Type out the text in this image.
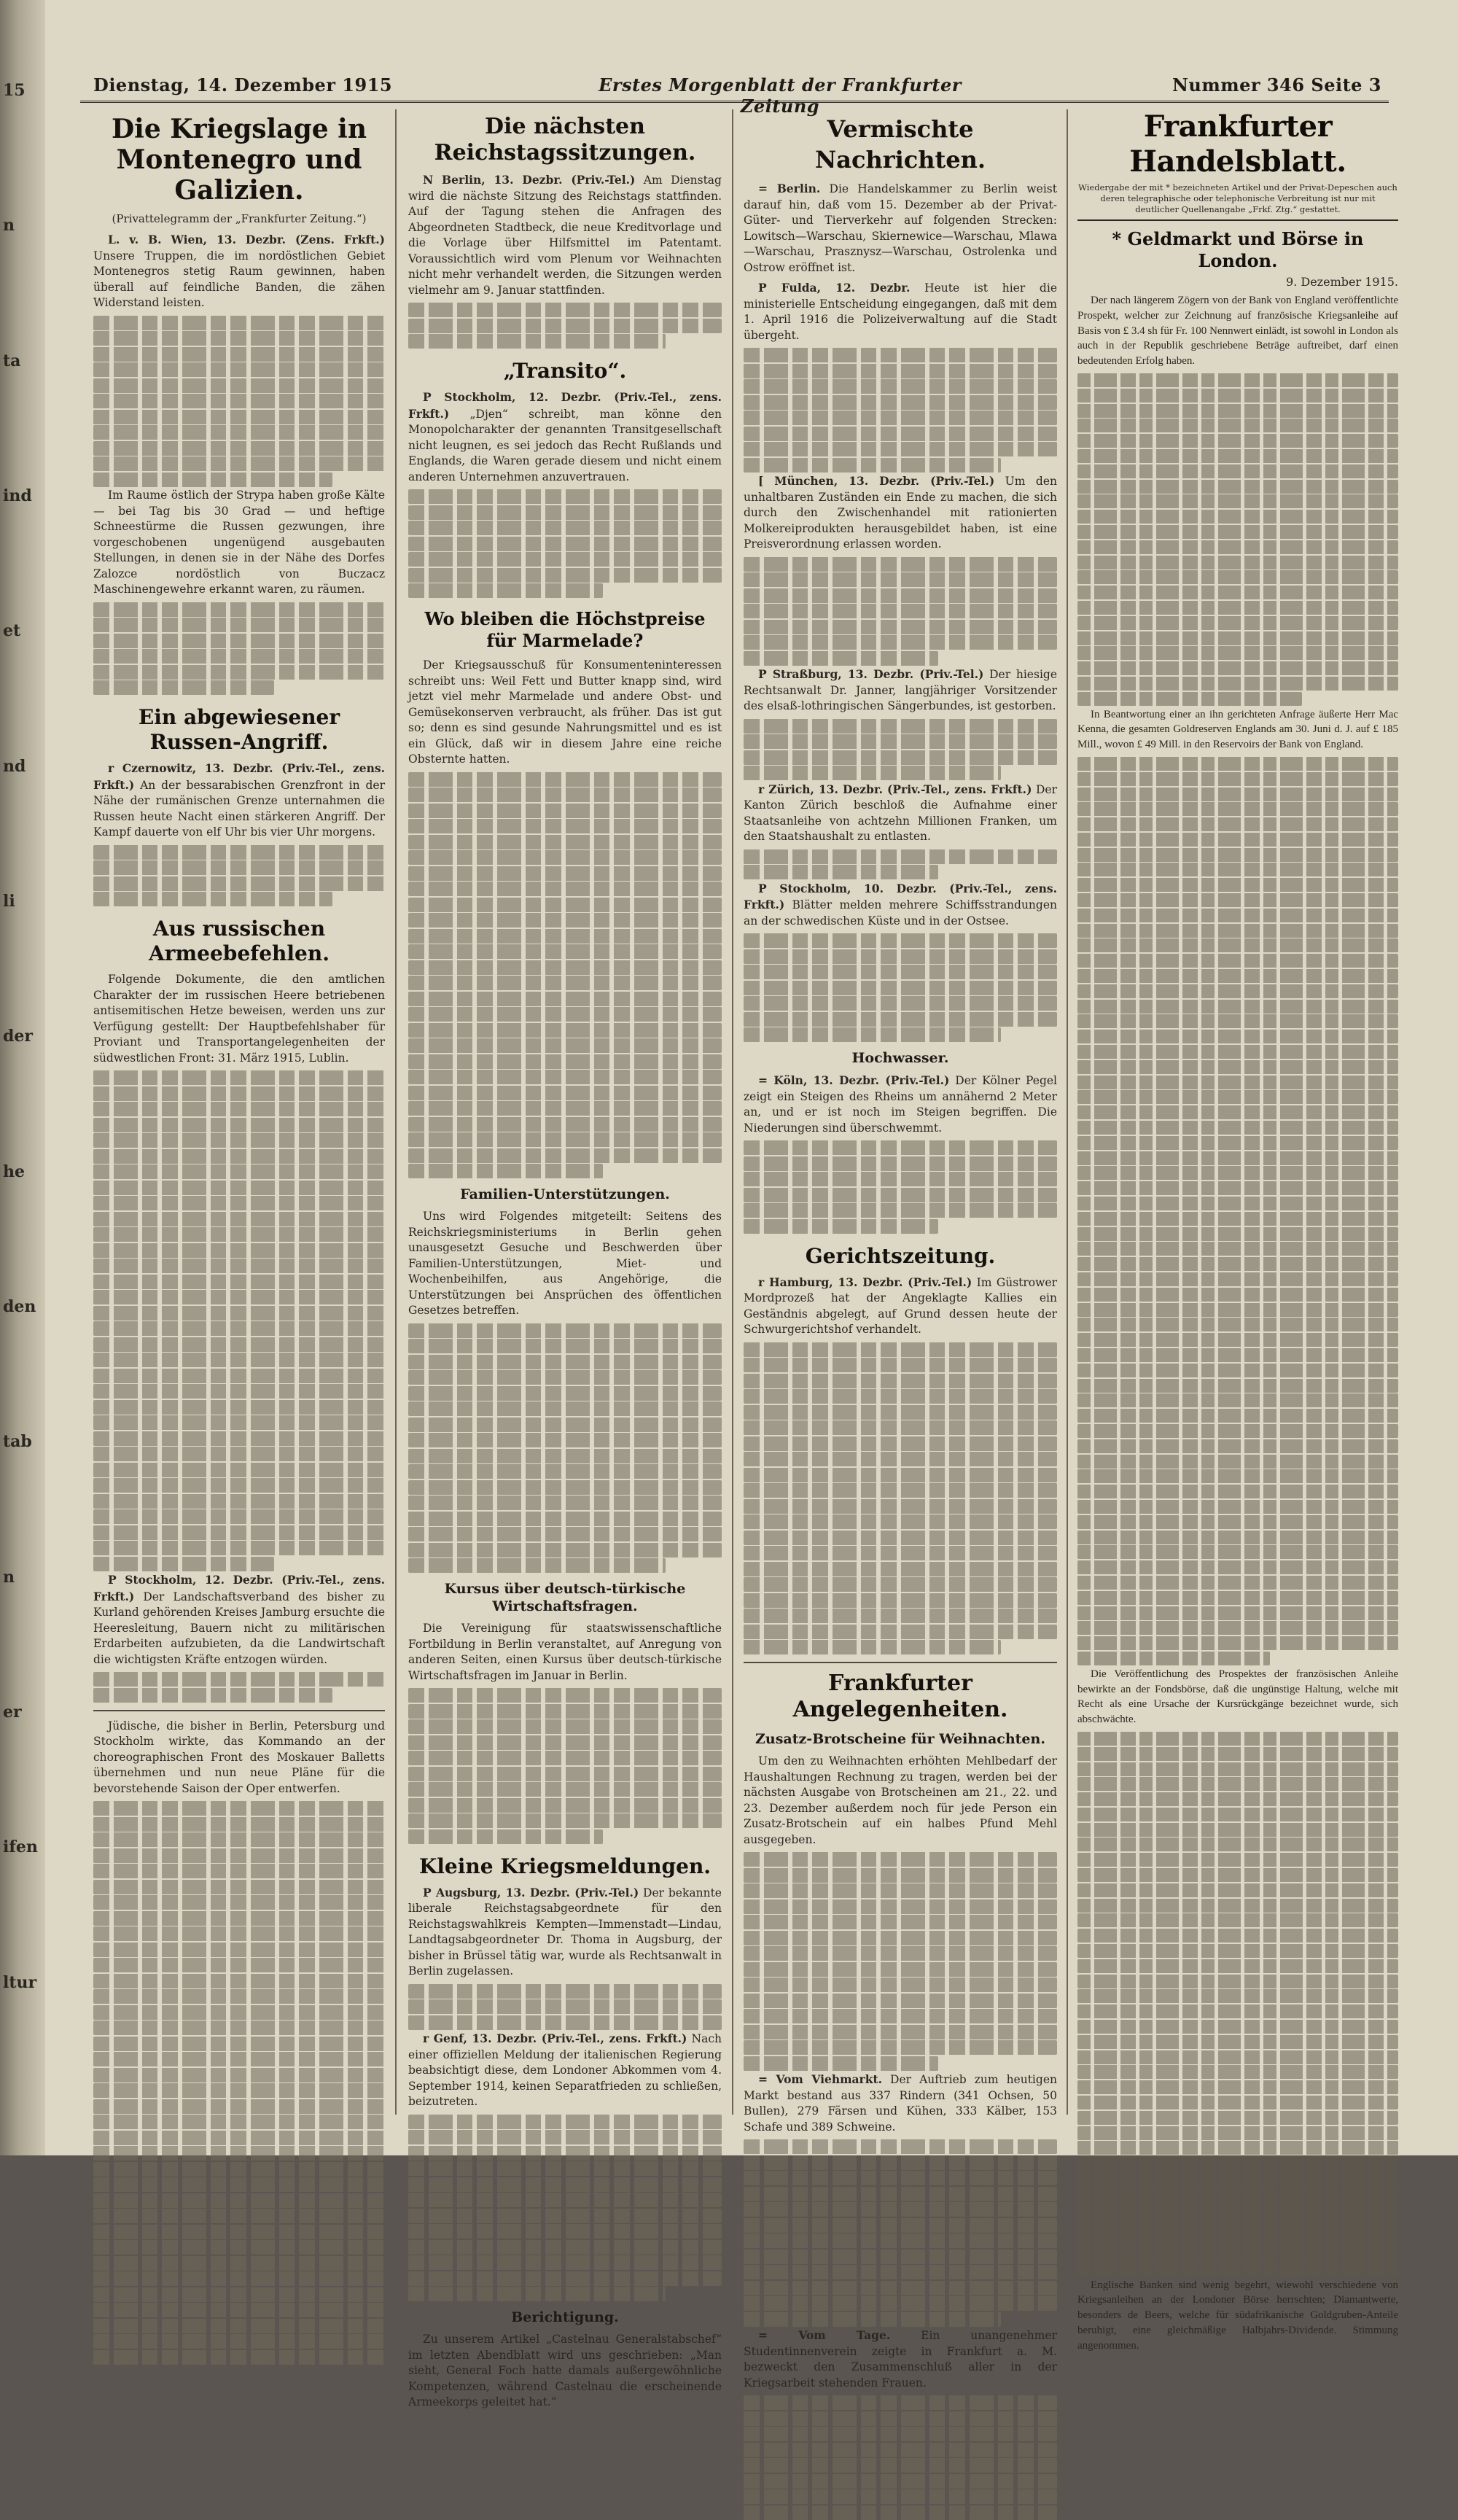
15
n
ta
ind
et
nd
li
der
he
den
tab
n
er
ifen
ltur
Dienstag, 14. Dezember 1915	Erstes Morgenblatt der Frankfurter Zeitung
Nummer 346 Seite 3
Die Kriegslage in Montenegro und Galizien.
(Privattelegramm der „Frankfurter Zeitung.“)

L. v. B. Wien, 13. Dezbr. (Zens. Frkft.) Unsere Truppen, die im nordöstlichen Gebiet Montenegros stetig Raum gewinnen, haben überall auf feindliche Banden, die zähen Widerstand leisten.

Im Raume östlich der Strypa haben große Kälte — bei Tag bis 30 Grad — und heftige Schneestürme die Russen gezwungen, ihre vorgeschobenen ungenügend ausgebauten Stellungen, in denen sie in der Nähe des Dorfes Zalozce nordöstlich von Buczacz Maschinengewehre erkannt waren, zu räumen.

Ein abgewiesener Russen-Angriff.

r Czernowitz, 13. Dezbr. (Priv.-Tel., zens. Frkft.) An der bessarabischen Grenzfront in der Nähe der rumänischen Grenze unternahmen die Russen heute Nacht einen stärkeren Angriff. Der Kampf dauerte von elf Uhr bis vier Uhr morgens.

Aus russischen Armeebefehlen.

Folgende Dokumente, die den amtlichen Charakter der im russischen Heere betriebenen antisemitischen Hetze beweisen, werden uns zur Verfügung gestellt: Der Hauptbefehlshaber für Proviant und Transportangelegenheiten der südwestlichen Front: 31. März 1915, Lublin.

P Stockholm, 12. Dezbr. (Priv.-Tel., zens. Frkft.) Der Landschaftsverband des bisher zu Kurland gehörenden Kreises Jamburg ersuchte die Heeresleitung, Bauern nicht zu militärischen Erdarbeiten aufzubieten, da die Landwirtschaft die wichtigsten Kräfte entzogen würden.

Jüdische, die bisher in Berlin, Petersburg und Stockholm wirkte, das Kommando an der choreographischen Front des Moskauer Balletts übernehmen und nun neue Pläne für die bevorstehende Saison der Oper entwerfen.

Die nächsten Reichstagssitzungen.

N Berlin, 13. Dezbr. (Priv.-Tel.) Am Dienstag wird die nächste Sitzung des Reichstags stattfinden. Auf der Tagung stehen die Anfragen des Abgeordneten Stadtbeck, die neue Kreditvorlage und die Vorlage über Hilfsmittel im Patentamt. Voraussichtlich wird vom Plenum vor Weihnachten nicht mehr verhandelt werden, die Sitzungen werden vielmehr am 9. Januar stattfinden.

„Transito“.

P Stockholm, 12. Dezbr. (Priv.-Tel., zens. Frkft.) „Djen“ schreibt, man könne den Monopolcharakter der genannten Transitgesellschaft nicht leugnen, es sei jedoch das Recht Rußlands und Englands, die Waren gerade diesem und nicht einem anderen Unternehmen anzuvertrauen.

Wo bleiben die Höchstpreise für Marmelade?

Der Kriegsausschuß für Konsumenteninteressen schreibt uns: Weil Fett und Butter knapp sind, wird jetzt viel mehr Marmelade und andere Obst- und Gemüsekonserven verbraucht, als früher. Das ist gut so; denn es sind gesunde Nahrungsmittel und es ist ein Glück, daß wir in diesem Jahre eine reiche Obsternte hatten.

Familien-Unterstützungen.

Uns wird Folgendes mitgeteilt: Seitens des Reichskriegsministeriums in Berlin gehen unausgesetzt Gesuche und Beschwerden über Familien-Unterstützungen, Miet- und Wochenbeihilfen, aus Angehörige, die Unterstützungen bei Ansprüchen des öffentlichen Gesetzes betreffen.

Kursus über deutsch-türkische Wirtschaftsfragen.

Die Vereinigung für staatswissenschaftliche Fortbildung in Berlin veranstaltet, auf Anregung von anderen Seiten, einen Kursus über deutsch-türkische Wirtschaftsfragen im Januar in Berlin.

Kleine Kriegsmeldungen.

P Augsburg, 13. Dezbr. (Priv.-Tel.) Der bekannte liberale Reichstagsabgeordnete für den Reichstagswahlkreis Kempten—Immenstadt—Lindau, Landtagsabgeordneter Dr. Thoma in Augsburg, der bisher in Brüssel tätig war, wurde als Rechtsanwalt in Berlin zugelassen.

r Genf, 13. Dezbr. (Priv.-Tel., zens. Frkft.) Nach einer offiziellen Meldung der italienischen Regierung beabsichtigt diese, dem Londoner Abkommen vom 4. September 1914, keinen Separatfrieden zu schließen, beizutreten.

Berichtigung.

Zu unserem Artikel „Castelnau Generalstabschef“ im letzten Abendblatt wird uns geschrieben: „Man sieht, General Foch hatte damals außergewöhnliche Kompetenzen, während Castelnau die erscheinende Armeekorps geleitet hat.“

Vermischte Nachrichten.

= Berlin. Die Handelskammer zu Berlin weist darauf hin, daß vom 15. Dezember ab der Privat-Güter- und Tierverkehr auf folgenden Strecken: Lowitsch—Warschau, Skiernewice—Warschau, Mlawa—Warschau, Prasznysz—Warschau, Ostrolenka und Ostrow eröffnet ist.

P Fulda, 12. Dezbr. Heute ist hier die ministerielle Entscheidung eingegangen, daß mit dem 1. April 1916 die Polizeiverwaltung auf die Stadt übergeht.

[ München, 13. Dezbr. (Priv.-Tel.) Um den unhaltbaren Zuständen ein Ende zu machen, die sich durch den Zwischenhandel mit rationierten Molkereiprodukten herausgebildet haben, ist eine Preisverordnung erlassen worden.

P Straßburg, 13. Dezbr. (Priv.-Tel.) Der hiesige Rechtsanwalt Dr. Janner, langjähriger Vorsitzender des elsaß-lothringischen Sängerbundes, ist gestorben.

r Zürich, 13. Dezbr. (Priv.-Tel., zens. Frkft.) Der Kanton Zürich beschloß die Aufnahme einer Staatsanleihe von achtzehn Millionen Franken, um den Staatshaushalt zu entlasten.

P Stockholm, 10. Dezbr. (Priv.-Tel., zens. Frkft.) Blätter melden mehrere Schiffsstrandungen an der schwedischen Küste und in der Ostsee.

Hochwasser.

= Köln, 13. Dezbr. (Priv.-Tel.) Der Kölner Pegel zeigt ein Steigen des Rheins um annähernd 2 Meter an, und er ist noch im Steigen begriffen. Die Niederungen sind überschwemmt.

Gerichtszeitung.

r Hamburg, 13. Dezbr. (Priv.-Tel.) Im Güstrower Mordprozeß hat der Angeklagte Kallies ein Geständnis abgelegt, auf Grund dessen heute der Schwurgerichtshof verhandelt.

Frankfurter Angelegenheiten.
Zusatz-Brotscheine für Weihnachten.

Um den zu Weihnachten erhöhten Mehlbedarf der Haushaltungen Rechnung zu tragen, werden bei der nächsten Ausgabe von Brotscheinen am 21., 22. und 23. Dezember außerdem noch für jede Person ein Zusatz-Brotschein auf ein halbes Pfund Mehl ausgegeben.

= Vom Viehmarkt. Der Auftrieb zum heutigen Markt bestand aus 337 Rindern (341 Ochsen, 50 Bullen), 279 Färsen und Kühen, 333 Kälber, 153 Schafe und 389 Schweine.

= Vom Tage.	Ein unangenehmer Studentinnenverein zeigte in Frankfurt a. M. bezweckt den Zusammenschluß aller in der Kriegsarbeit stehenden Frauen.

Frankfurter Handelsblatt.
Wiedergabe der mit * bezeichneten Artikel und der Privat-Depeschen auch deren telegraphische oder telephonische Verbreitung ist nur mit deutlicher Quellenangabe „Frkf. Ztg.“ gestattet.
* Geldmarkt und Börse in London.
9. Dezember 1915.

Der nach längerem Zögern von der Bank von England veröffentlichte Prospekt, welcher zur Zeichnung auf französische Kriegsanleihe auf Basis von £ 3.4 sh für Fr. 100 Nennwert einlädt, ist sowohl in London als auch in der Republik geschriebene Beträge auftreibet, darf einen bedeutenden Erfolg haben.

In Beantwortung einer an ihn gerichteten Anfrage äußerte Herr Mac Kenna, die gesamten Goldreserven Englands am 30. Juni d. J. auf £ 185 Mill., wovon £ 49 Mill. in den Reservoirs der Bank von England.

Die Veröffentlichung des Prospektes der französischen Anleihe bewirkte an der Fondsbörse, daß die ungünstige Haltung, welche mit Recht als eine Ursache der Kursrückgänge bezeichnet wurde, sich abschwächte.

Englische Banken sind wenig begehrt, wiewohl verschiedene von Kriegsanleihen an der Londoner Börse herrschten; Diamantwerte, besonders de Beers, welche für südafrikanische Goldgruben-Anteile beruhigt, eine gleichmäßige Halbjahrs-Dividende. Stimmung angenommen.
